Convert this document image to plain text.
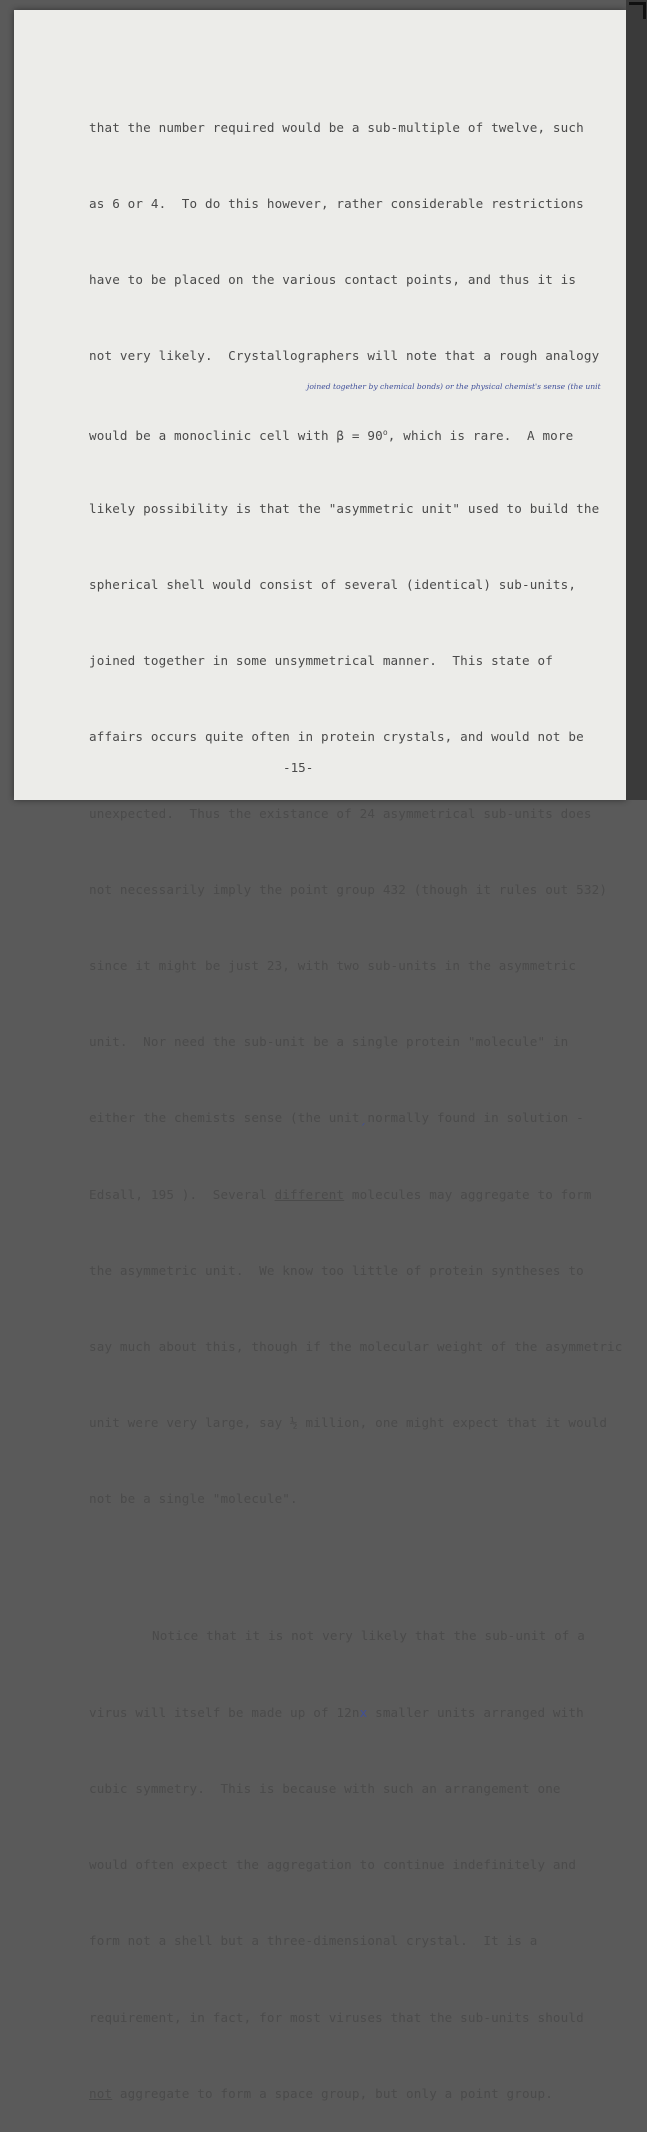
that the number required would be a sub-multiple of twelve, such

as 6 or 4.  To do this however, rather considerable restrictions

have to be placed on the various contact points, and thus it is

not very likely.  Crystallographers will note that a rough analogy

would be a monoclinic cell with $\beta = 90^o$, which is rare.  A more

likely possibility is that the "asymmetric unit" used to build the

spherical shell would consist of several (identical) sub-units,

joined together in some unsymmetrical manner.  This state of

affairs occurs quite often in protein crystals, and would not be

unexpected.  Thus the existance of 24 asymmetrical sub-units does

not necessarily imply the point group 432 (though it rules out 532)

since it might be just 23, with two sub-units in the asymmetric

unit.  Nor need the sub-unit be a single protein "molecule" in

either the chemists sense (the unitˏnormally found in solution -

Edsall, 195 ).  Several different molecules may aggregate to form

the asymmetric unit.  We know too little of protein syntheses to

say much about this, though if the molecular weight of the asymmetric

unit were very large, say ½ million, one might expect that it would

not be a single "molecule".

Notice that it is not very likely that the sub-unit of a

virus will itself be made up of 12nx smaller units arranged with

cubic symmetry.  This is because with such an arrangement one

would often expect the aggregation to continue indefinitely and

form not a shell but a three-dimensional crystal.  It is a

requirement, in fact, for most viruses that the sub-units should

not aggregate to form a space group, but only a point group.

joined together by chemical bonds) or the physical chemist's sense (the unit
-15-
